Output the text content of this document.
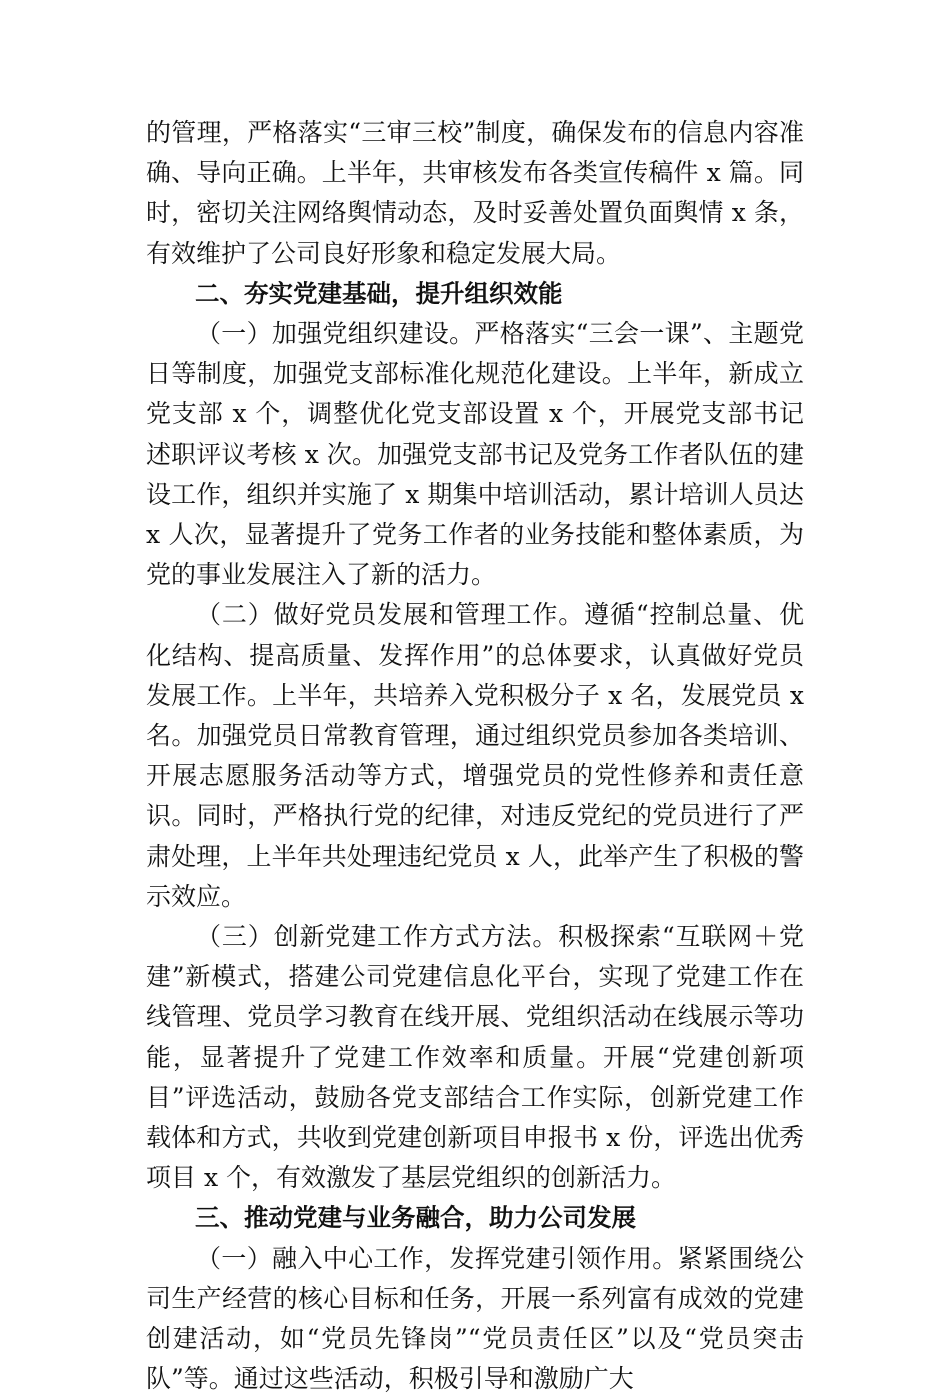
的管理，严格落实“三审三校”制度，确保发布的信息内容准确、导向正确。上半年，共审核发布各类宣传稿件 x 篇。同时，密切关注网络舆情动态，及时妥善处置负面舆情 x 条，有效维护了公司良好形象和稳定发展大局。

二、夯实党建基础，提升组织效能

（一）加强党组织建设。严格落实“三会一课”、主题党日等制度，加强党支部标准化规范化建设。上半年，新成立党支部 x 个，调整优化党支部设置 x 个，开展党支部书记述职评议考核 x 次。加强党支部书记及党务工作者队伍的建设工作，组织并实施了 x 期集中培训活动，累计培训人员达 x 人次，显著提升了党务工作者的业务技能和整体素质，为党的事业发展注入了新的活力。

（二）做好党员发展和管理工作。遵循“控制总量、优化结构、提高质量、发挥作用”的总体要求，认真做好党员发展工作。上半年，共培养入党积极分子 x 名，发展党员 x 名。加强党员日常教育管理，通过组织党员参加各类培训、开展志愿服务活动等方式，增强党员的党性修养和责任意识。同时，严格执行党的纪律，对违反党纪的党员进行了严肃处理，上半年共处理违纪党员 x 人，此举产生了积极的警示效应。

（三）创新党建工作方式方法。积极探索“互联网＋党建”新模式，搭建公司党建信息化平台，实现了党建工作在线管理、党员学习教育在线开展、党组织活动在线展示等功能，显著提升了党建工作效率和质量。开展“党建创新项目”评选活动，鼓励各党支部结合工作实际，创新党建工作载体和方式，共收到党建创新项目申报书 x 份，评选出优秀项目 x 个，有效激发了基层党组织的创新活力。

三、推动党建与业务融合，助力公司发展

（一）融入中心工作，发挥党建引领作用。紧紧围绕公司生产经营的核心目标和任务，开展一系列富有成效的党建创建活动，如“党员先锋岗”“党员责任区”以及“党员突击队”等。通过这些活动，积极引导和激励广大
